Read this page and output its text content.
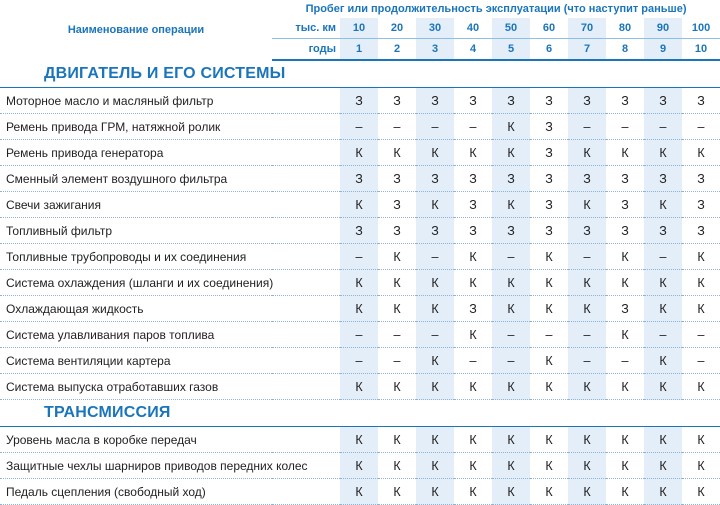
Наименование операции	Пробег или продолжительность эксплуатации (что наступит раньше)										
	тыс. км	10	20	30	40	50	60	70	80	90	100
	годы	1	2	3	4	5	6	7	8	9	10
ДВИГАТЕЛЬ И ЕГО СИСТЕМЫ											
Моторное масло и масляный фильтр		З	З	З	З	З	З	З	З	З	З
Ремень привода ГРМ, натяжной ролик		–	–	–	–	К	З	–	–	–	–
Ремень привода генератора		К	К	К	К	К	З	К	К	К	К
Сменный элемент воздушного фильтра		З	З	З	З	З	З	З	З	З	З
Свечи зажигания		К	З	К	З	К	З	К	З	К	З
Топливный фильтр		З	З	З	З	З	З	З	З	З	З
Топливные трубопроводы и их соединения		–	К	–	К	–	К	–	К	–	К
Система охлаждения (шланги и их соединения)		К	К	К	К	К	К	К	К	К	К
Охлаждающая жидкость		К	К	К	З	К	К	К	З	К	К
Система улавливания паров топлива		–	–	–	К	–	–	–	К	–	–
Система вентиляции картера		–	–	К	–	–	К	–	–	К	–
Система выпуска отработавших газов		К	К	К	К	К	К	К	К	К	К
ТРАНСМИССИЯ											
Уровень масла в коробке передач		К	К	К	К	К	К	К	К	К	К
Защитные чехлы шарниров приводов передних колес		К	К	К	К	К	К	К	К	К	К
Педаль сцепления (свободный ход)		К	К	К	К	К	К	К	К	К	К
